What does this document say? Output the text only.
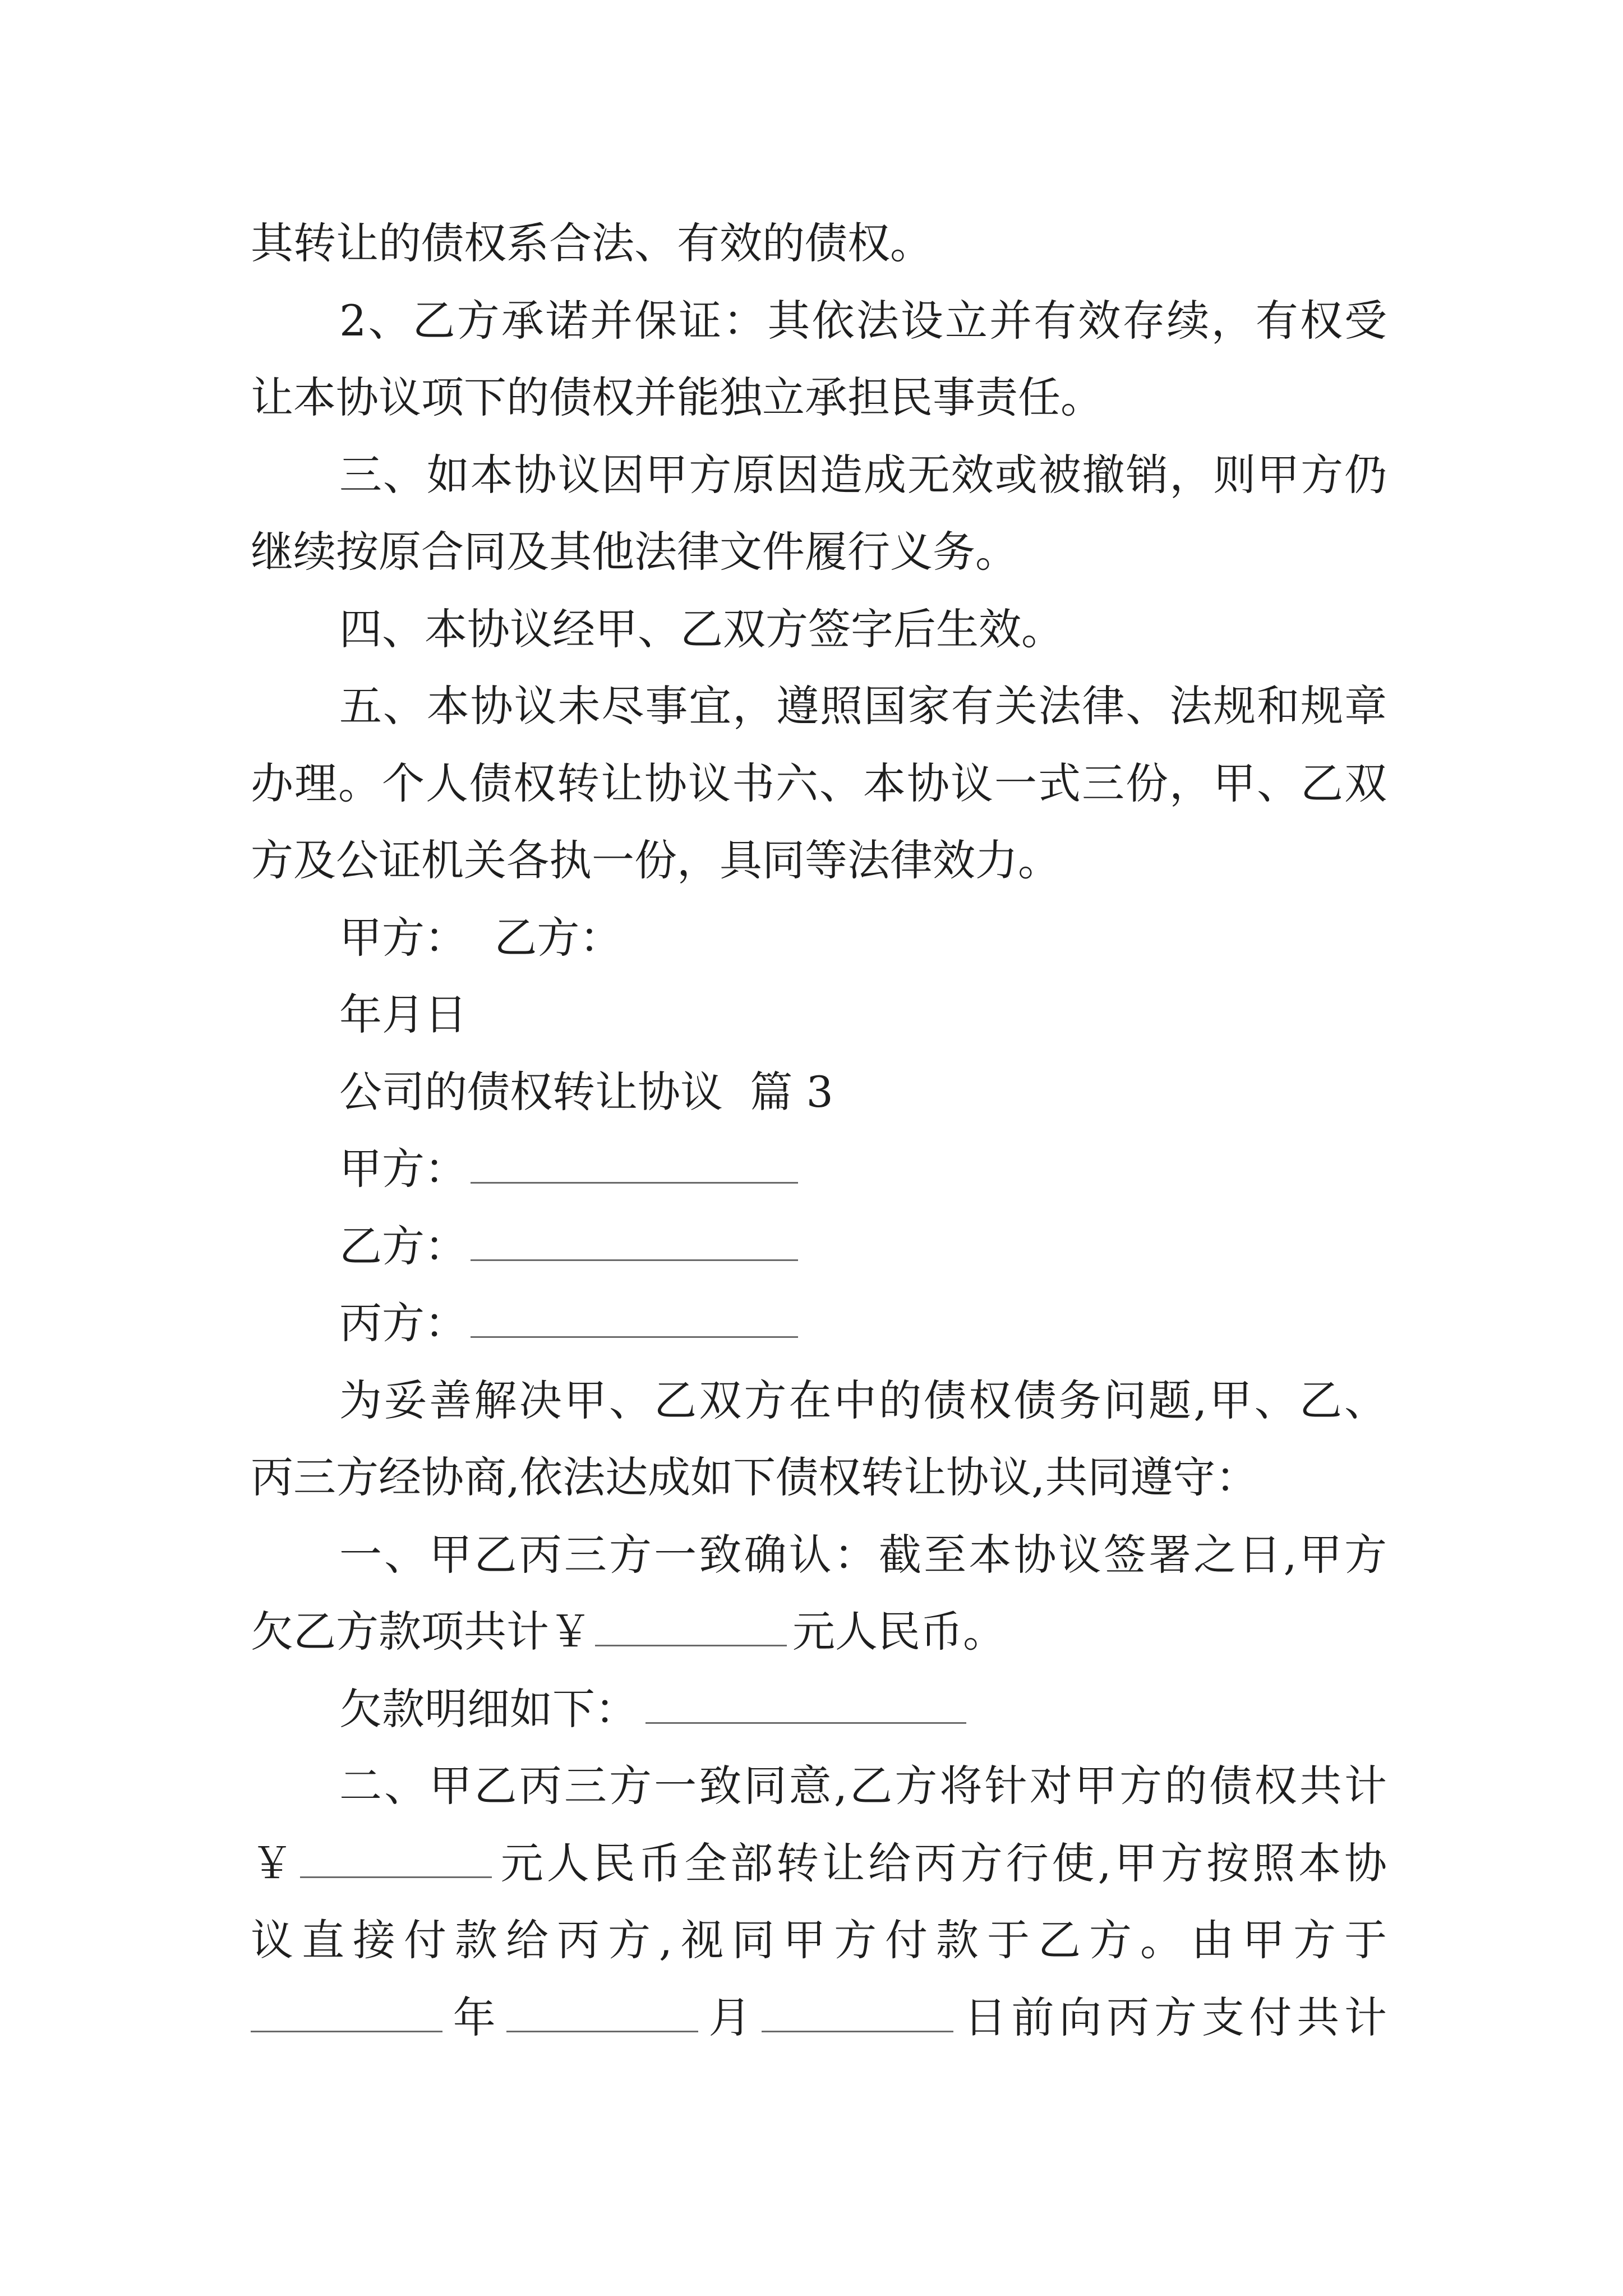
其转让的债权系合法、有效的债权。
2、乙方承诺并保证：其依法设立并有效存续，有权受
让本协议项下的债权并能独立承担民事责任。
三、如本协议因甲方原因造成无效或被撤销，则甲方仍
继续按原合同及其他法律文件履行义务。
四、本协议经甲、乙双方签字后生效。
五、本协议未尽事宜，遵照国家有关法律、法规和规章
办理。个人债权转让协议书六、本协议一式三份，甲、乙双
方及公证机关各执一份，具同等法律效力。
甲方：  乙方：
年月日
公司的债权转让协议  篇 3
甲方：
乙方：
丙方：
为妥善解决甲、乙双方在中的债权债务问题,甲、乙、
丙三方经协商,依法达成如下债权转让协议,共同遵守：
一、甲乙丙三方一致确认：截至本协议签署之日,甲方
欠乙方款项共计￥	元人民币。
欠款明细如下：
二、甲乙丙三方一致同意,乙方将针对甲方的债权共计
￥	元人民币全部转让给丙方行使,甲方按照本协
议直接付款给丙方,视同甲方付款于乙方。由甲方于
年	月	日前向丙方支付共计
